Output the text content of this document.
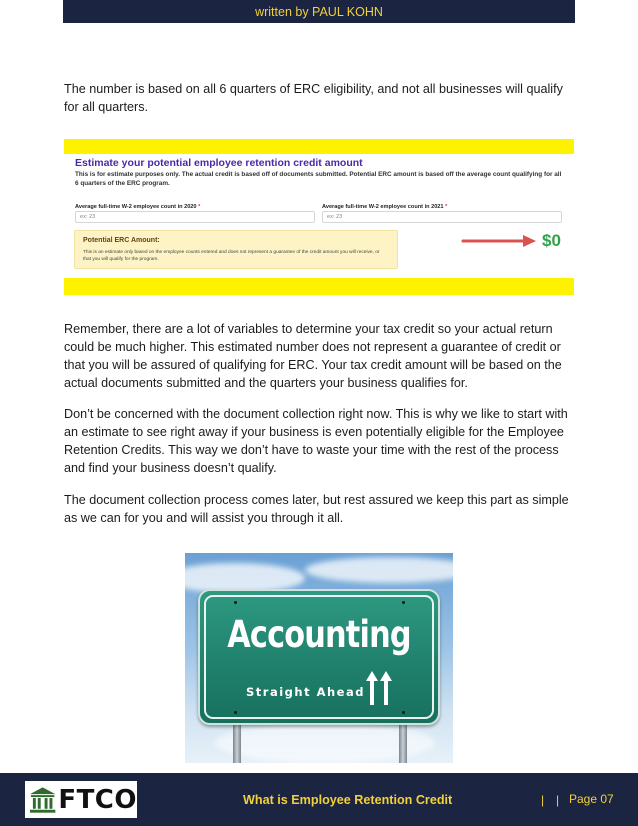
written by PAUL KOHN

The number is based on all 6 quarters of ERC eligibility, and not all businesses will qualify for all quarters.

Estimate your potential employee retention credit amount
This is for estimate purposes only. The actual credit is based off of documents submitted. Potential ERC amount is based off the average count qualifying for all 6 quarters of the ERC program.
Average full-time W-2 employee count in 2020 *
ex: 23
Average full-time W-2 employee count in 2021 *
ex: 23
Potential ERC Amount:
This is an estimate only based on the employee counts entered and does not represent a guarantee of the credit amount you will receive, or that you will qualify for the program.
$0

Remember, there are a lot of variables to determine your tax credit so your actual return could be much higher. This estimated number does not represent a guarantee of credit or that you will be assured of qualifying for ERC. Your tax credit amount will be based on the actual documents submitted and the quarters your business qualifies for.

Don’t be concerned with the document collection right now. This is why we like to start with an estimate to see right away if your business is even potentially eligible for the Employee Retention Credits. This way we don’t have to waste your time with the rest of the process and find your business doesn’t qualify.

The document collection process comes later, but rest assured we keep this part as simple as we can for you and will assist you through it all.

Accounting
Straight Ahead
FTCO	What is Employee Retention Credit	| | Page 07
